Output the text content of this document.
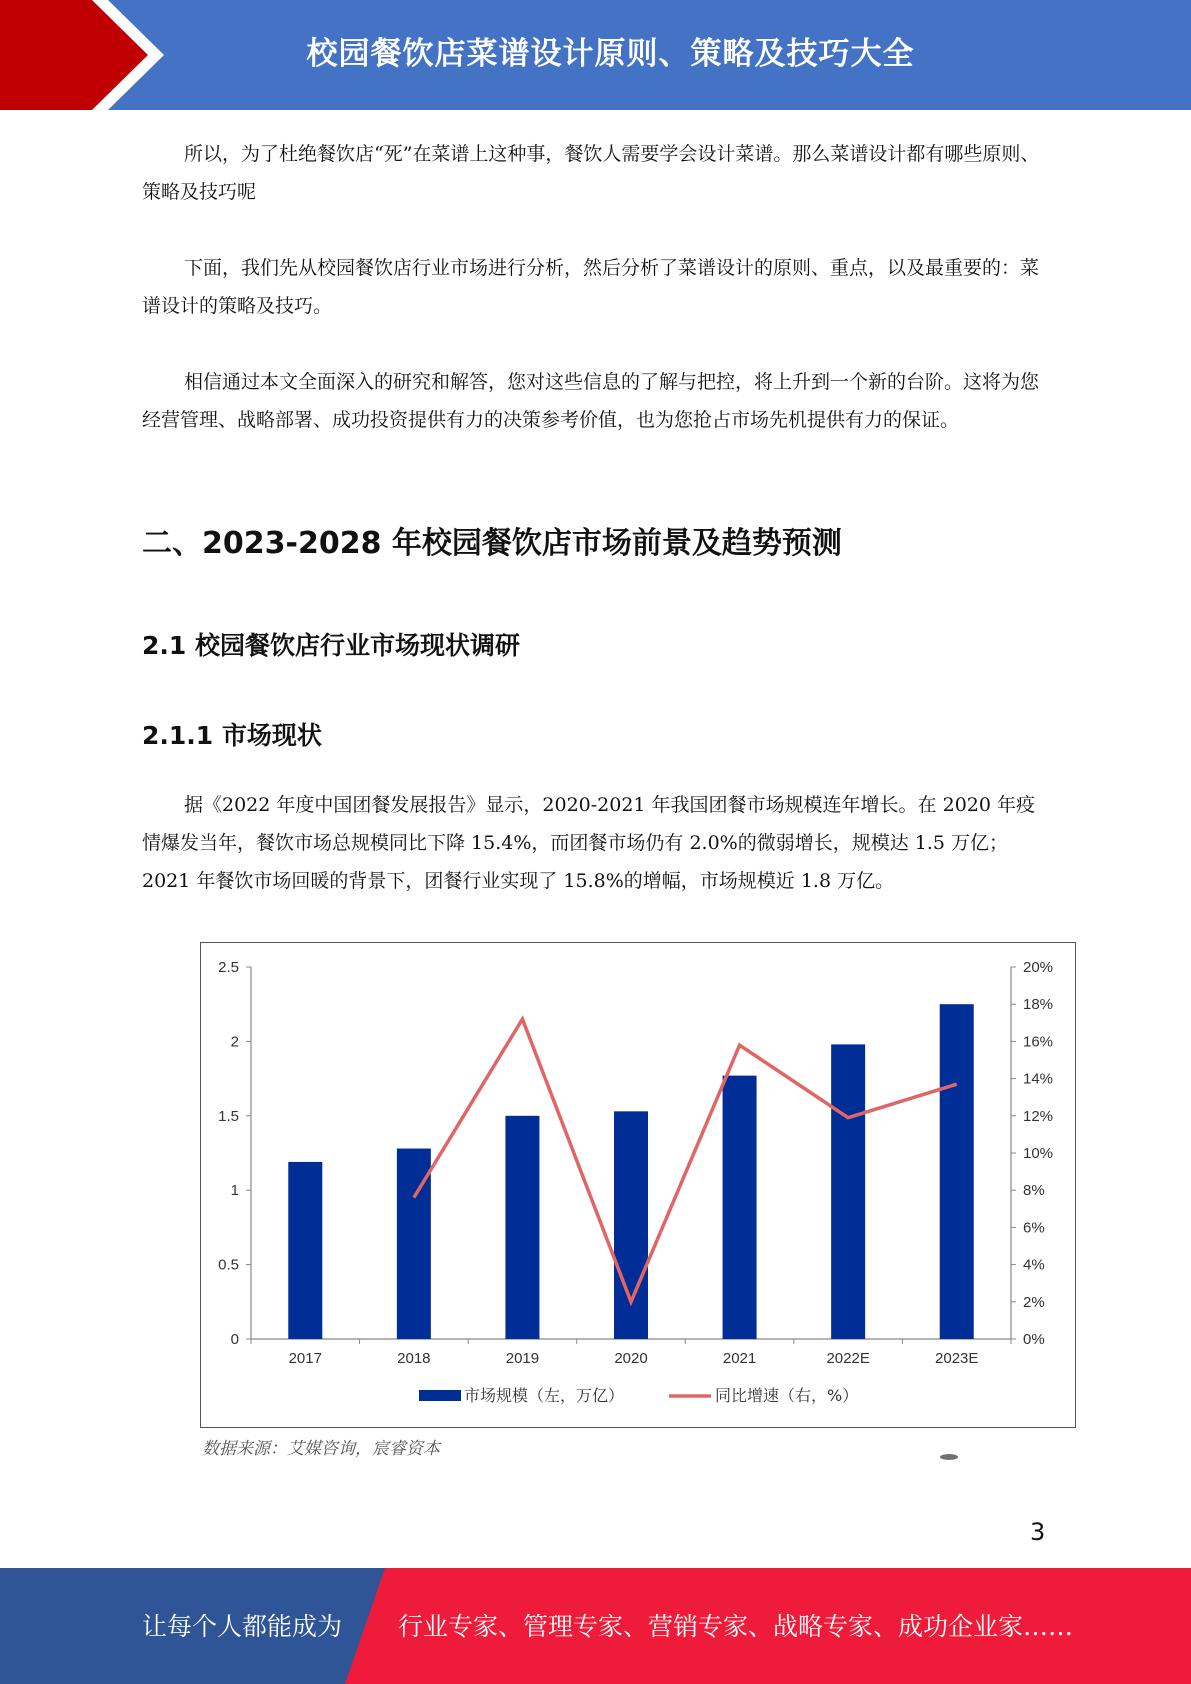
校园餐饮店菜谱设计原则、策略及技巧大全

所以，为了杜绝餐饮店“死”在菜谱上这种事，餐饮人需要学会设计菜谱。那么菜谱设计都有哪些原则、策略及技巧呢

下面，我们先从校园餐饮店行业市场进行分析，然后分析了菜谱设计的原则、重点，以及最重要的：菜谱设计的策略及技巧。

相信通过本文全面深入的研究和解答，您对这些信息的了解与把控，将上升到一个新的台阶。这将为您经营管理、战略部署、成功投资提供有力的决策参考价值，也为您抢占市场先机提供有力的保证。

二、2023-2028 年校园餐饮店市场前景及趋势预测
2.1 校园餐饮店行业市场现状调研
2.1.1 市场现状

据《2022 年度中国团餐发展报告》显示，2020-2021 年我国团餐市场规模连年增长。在 2020 年疫情爆发当年，餐饮市场总规模同比下降 15.4%，而团餐市场仍有 2.0%的微弱增长，规模达 1.5 万亿；2021 年餐饮市场回暖的背景下，团餐行业实现了 15.8%的增幅，市场规模近 1.8 万亿。

0
0.5
1
1.5
2
2.5
0%
2%
4%
6%
8%
10%
12%
14%
16%
18%
20%
2017	2018	2019	2020	2021	2022E	2023E
市场规模（左，万亿）	同比增速（右，%）
数据来源：艾媒咨询，宸睿资本
3
让每个人都能成为 行业专家、管理专家、营销专家、战略专家、成功企业家……
